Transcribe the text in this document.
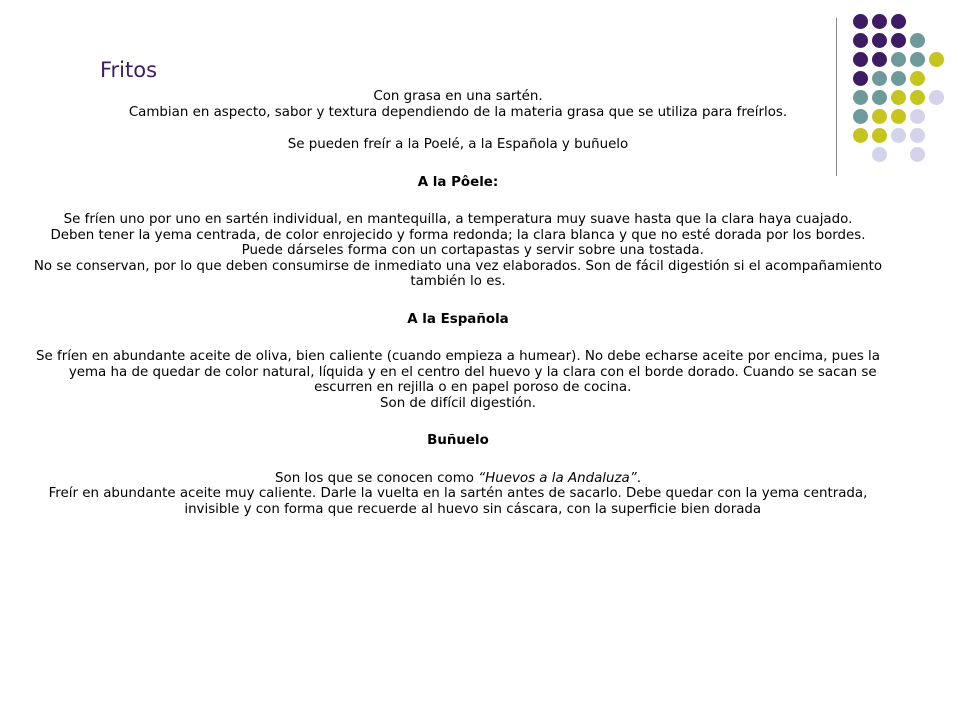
Fritos

Con grasa en una sartén.

Cambian en aspecto, sabor y textura dependiendo de la materia grasa que se utiliza para freírlos.

Se pueden freír a la Poelé, a la Española y buñuelo

A la Pôele:

Se fríen uno por uno en sartén individual, en mantequilla, a temperatura muy suave hasta que la clara haya cuajado.

Deben tener la yema centrada, de color enrojecido y forma redonda; la clara blanca y que no esté dorada por los bordes. Puede dárseles forma con un cortapastas y servir sobre una tostada.

No se conservan, por lo que deben consumirse de inmediato una vez elaborados. Son de fácil digestión si el acompañamiento también lo es.

A la Española

Se fríen en abundante aceite de oliva, bien caliente (cuando empieza a humear). No debe echarse aceite por encima, pues la yema ha de quedar de color natural, líquida y en el centro del huevo y la clara con el borde dorado. Cuando se sacan se escurren en rejilla o en papel poroso de cocina.

Son de difícil digestión.

Buñuelo

Son los que se conocen como “Huevos a la Andaluza”.

Freír en abundante aceite muy caliente. Darle la vuelta en la sartén antes de sacarlo. Debe quedar con la yema centrada, invisible y con forma que recuerde al huevo sin cáscara, con la superficie bien dorada
